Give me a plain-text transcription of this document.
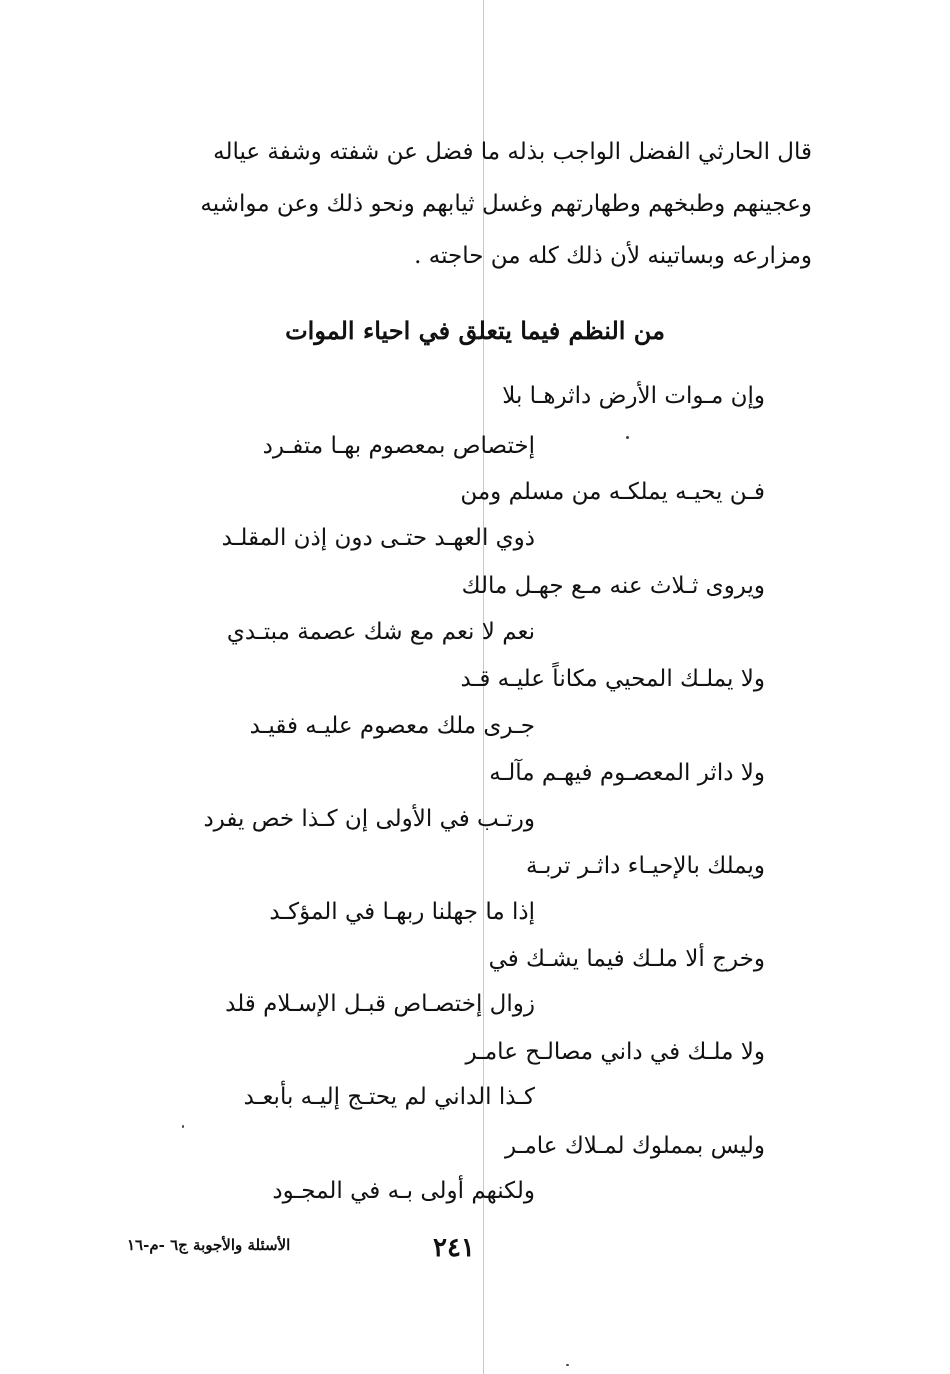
قال الحارثي الفضل الواجب بذله ما فضل عن شفته وشفة عياله

وعجينهم وطبخهم وطهارتهم وغسل ثيابهم ونحو ذلك وعن مواشيه

ومزارعه وبساتينه لأن ذلك كله من حاجته .

من النظم فيما يتعلق في احياء الموات
وإن مـوات الأرض داثرهـا بلا
إختصاص بمعصوم بهـا متفـرد
فـن يحيـه يملكـه من مسلم ومن
ذوي العهـد حتـى دون إذن المقلـد
ويروى ثـلاث عنه مـع جهـل مالك
نعم لا نعم مع شك عصمة مبتـدي
ولا يملـك المحيي مكاناً عليـه قـد
جـرى ملك معصوم عليـه فقيـد
ولا داثر المعصـوم فيهـم مآلـه
ورتـب في الأولى إن كـذا خص يفرد
ويملك بالإحيـاء داثـر تربـة
إذا ما جهلنا ربهـا في المؤكـد
وخرج ألا ملـك فيما يشـك في
زوال إختصـاص قبـل الإسـلام قلد
ولا ملـك في داني مصالـح عامـر
كـذا الداني لم يحتـج إليـه بأبعـد
وليس بمملوك لمـلاك عامـر
ولكنهم أولى بـه في المجـود
٢٤١
الأسئلة والأجوبة ج٦ -م-١٦
